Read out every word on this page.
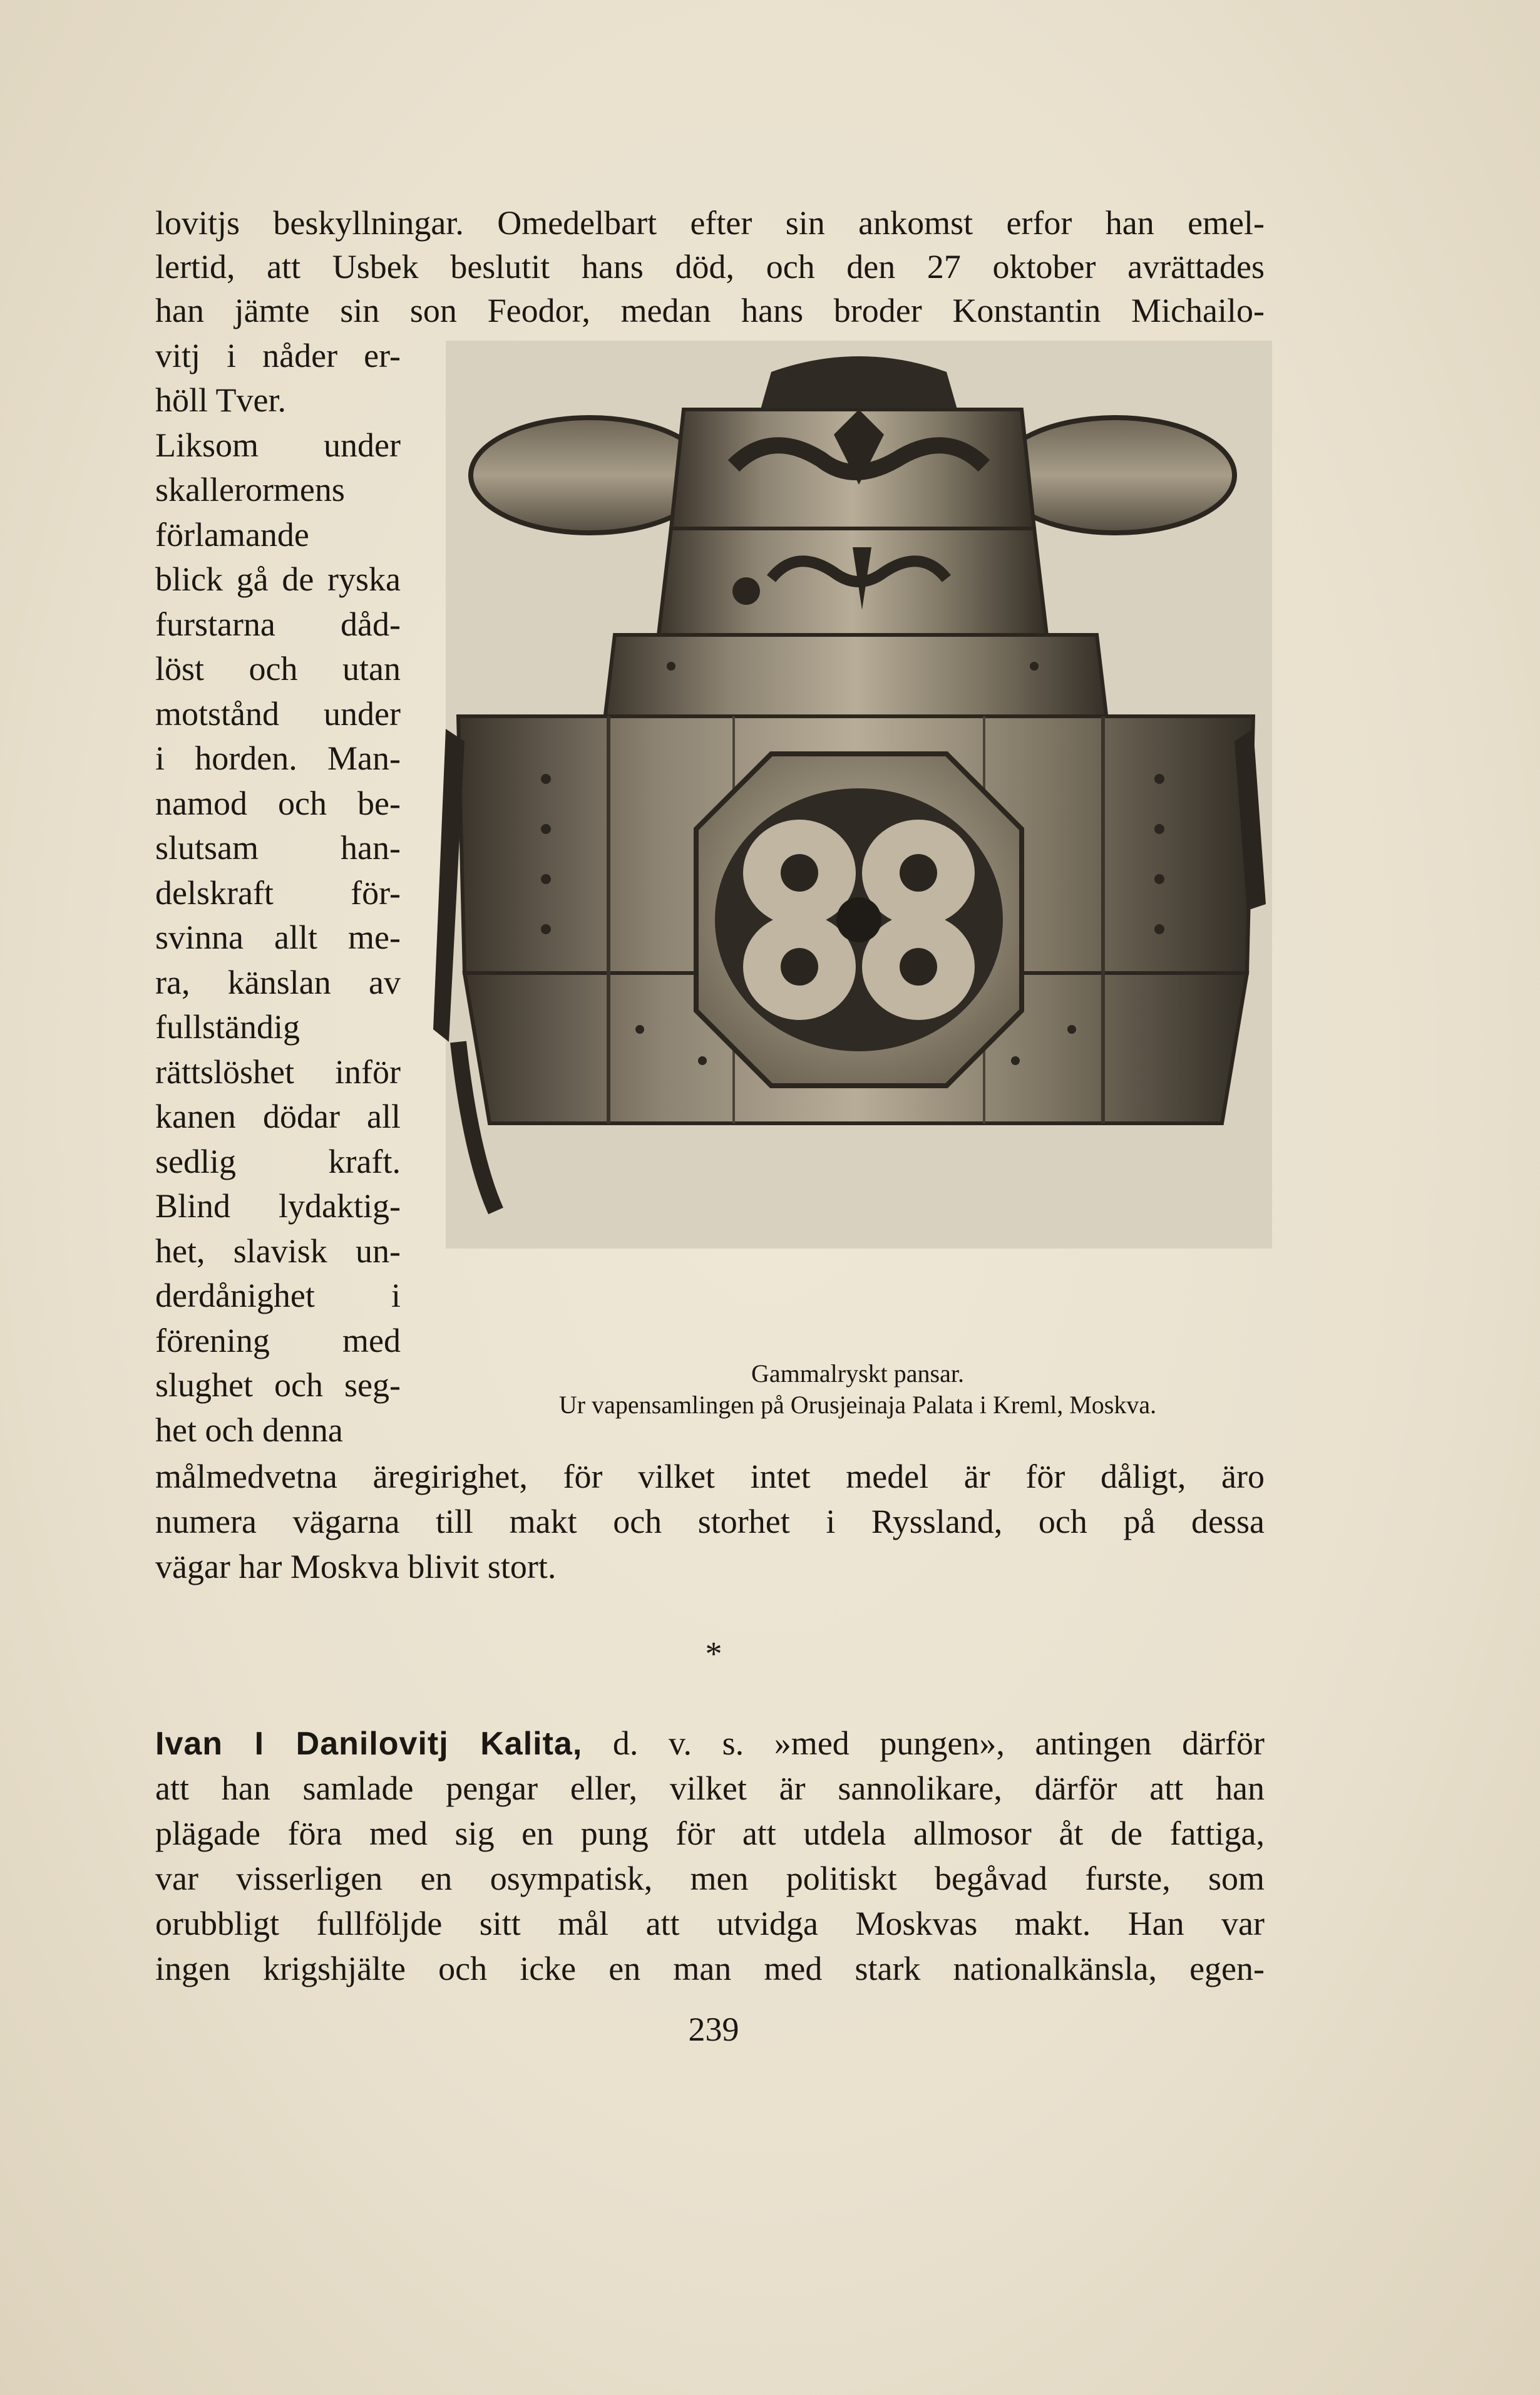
lovitjs beskyllningar. Omedelbart efter sin ankomst erfor han emel-
lertid, att Usbek beslutit hans död, och den 27 oktober avrättades
han jämte sin son Feodor, medan hans broder Konstantin Michailo-
vitj i nåder er-
höll Tver.
Liksom under
skallerormens
förlamande
blick gå de ryska
furstarna dåd-
löst och utan
motstånd under
i horden. Man-
namod och be-
slutsam han-
delskraft för-
svinna allt me-
ra, känslan av
fullständig
rättslöshet inför
kanen dödar all
sedlig kraft.
Blind lydaktig-
het, slavisk un-
derdånighet i
förening med
slughet och seg-
het och denna
Gammalryskt pansar.
Ur vapensamlingen på Orusjeinaja Palata i Kreml, Moskva.
målmedvetna äregirighet, för vilket intet medel är för dåligt, äro
numera vägarna till makt och storhet i Ryssland, och på dessa
vägar har Moskva blivit stort.
*
Ivan I Danilovitj Kalita, d. v. s. »med pungen», antingen därför
att han samlade pengar eller, vilket är sannolikare, därför att han
plägade föra med sig en pung för att utdela allmosor åt de fattiga,
var visserligen en osympatisk, men politiskt begåvad furste, som
orubbligt fullföljde sitt mål att utvidga Moskvas makt. Han var
ingen krigshjälte och icke en man med stark nationalkänsla, egen-
239
